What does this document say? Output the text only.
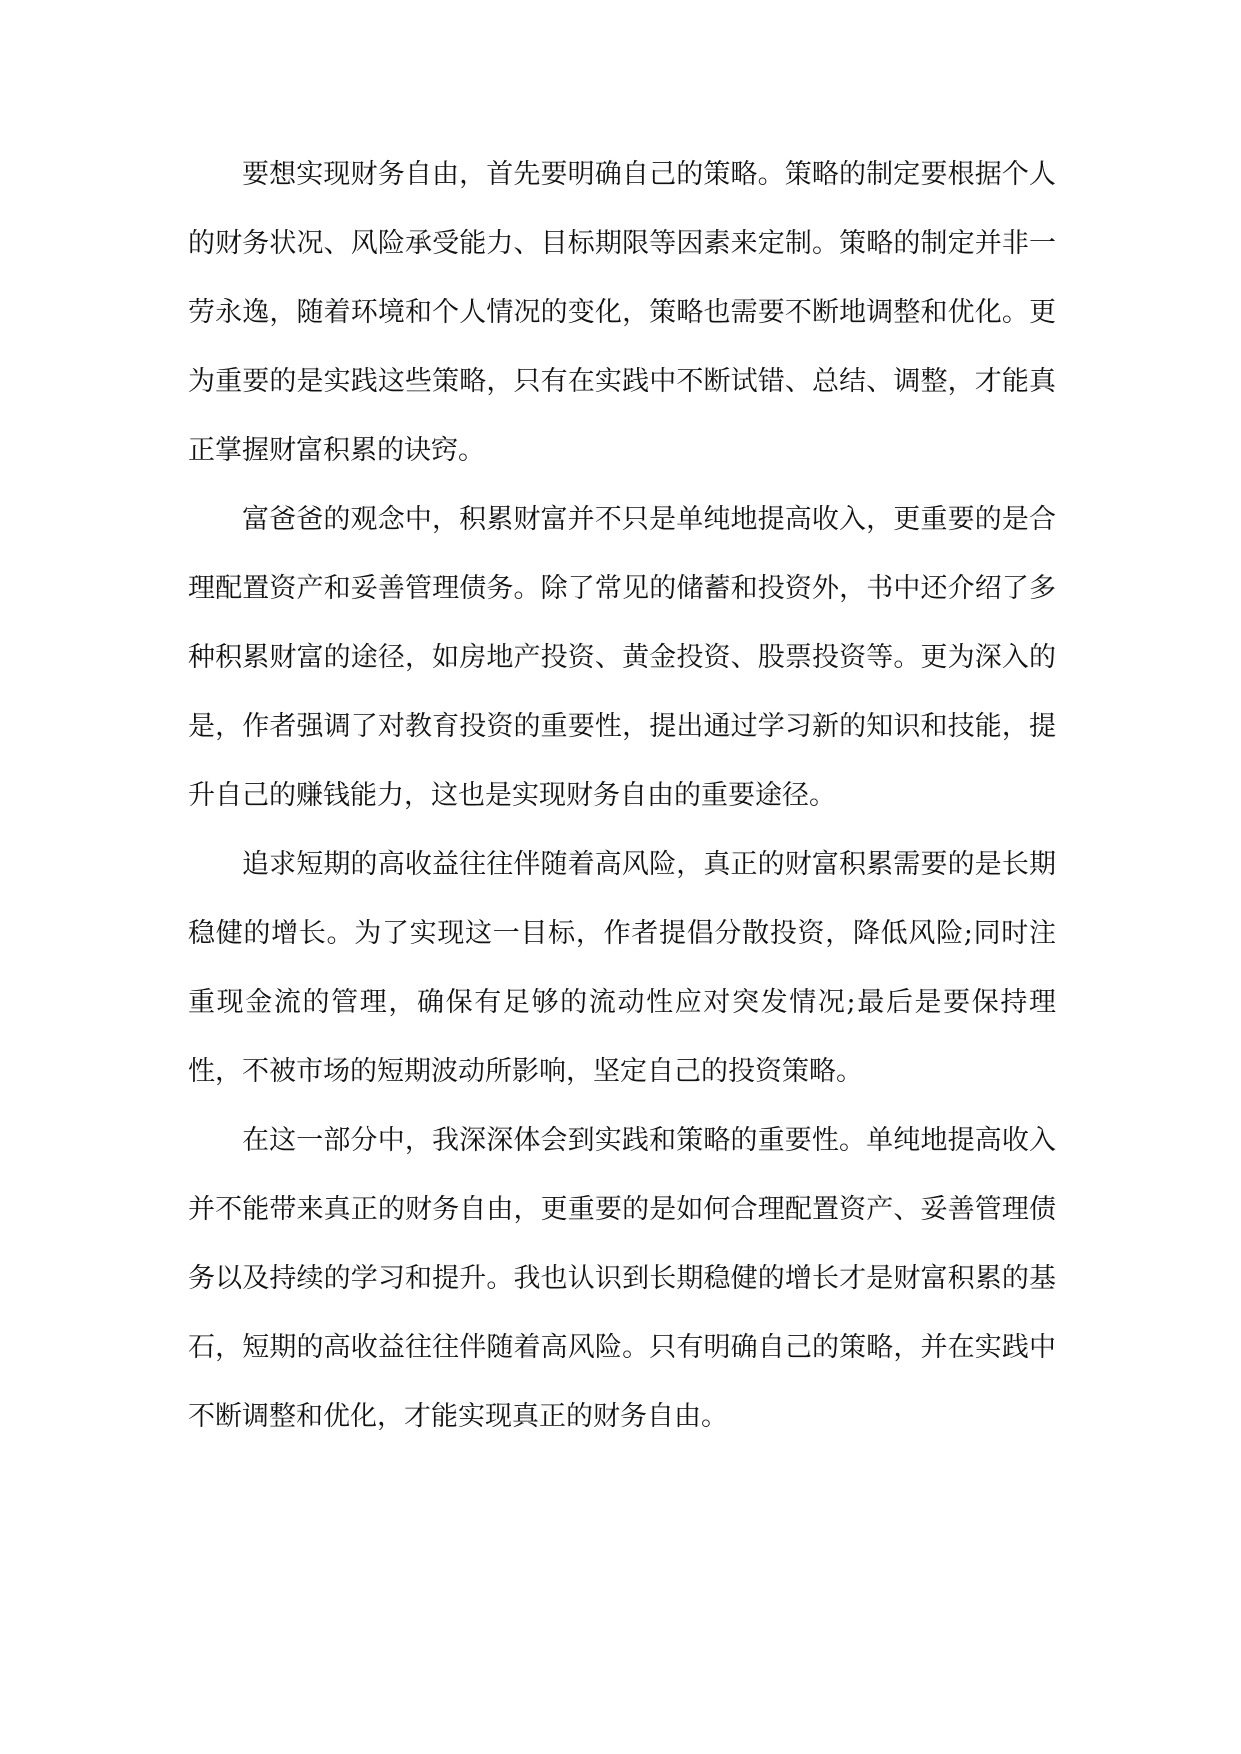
要想实现财务自由，首先要明确自己的策略。策略的制定要根据个人的财务状况、风险承受能力、目标期限等因素来定制。策略的制定并非一劳永逸，随着环境和个人情况的变化，策略也需要不断地调整和优化。更为重要的是实践这些策略，只有在实践中不断试错、总结、调整，才能真正掌握财富积累的诀窍。

富爸爸的观念中，积累财富并不只是单纯地提高收入，更重要的是合理配置资产和妥善管理债务。除了常见的储蓄和投资外，书中还介绍了多种积累财富的途径，如房地产投资、黄金投资、股票投资等。更为深入的是，作者强调了对教育投资的重要性，提出通过学习新的知识和技能，提升自己的赚钱能力，这也是实现财务自由的重要途径。

追求短期的高收益往往伴随着高风险，真正的财富积累需要的是长期稳健的增长。为了实现这一目标，作者提倡分散投资，降低风险;同时注重现金流的管理，确保有足够的流动性应对突发情况;最后是要保持理性，不被市场的短期波动所影响，坚定自己的投资策略。

在这一部分中，我深深体会到实践和策略的重要性。单纯地提高收入并不能带来真正的财务自由，更重要的是如何合理配置资产、妥善管理债务以及持续的学习和提升。我也认识到长期稳健的增长才是财富积累的基石，短期的高收益往往伴随着高风险。只有明确自己的策略，并在实践中不断调整和优化，才能实现真正的财务自由。
